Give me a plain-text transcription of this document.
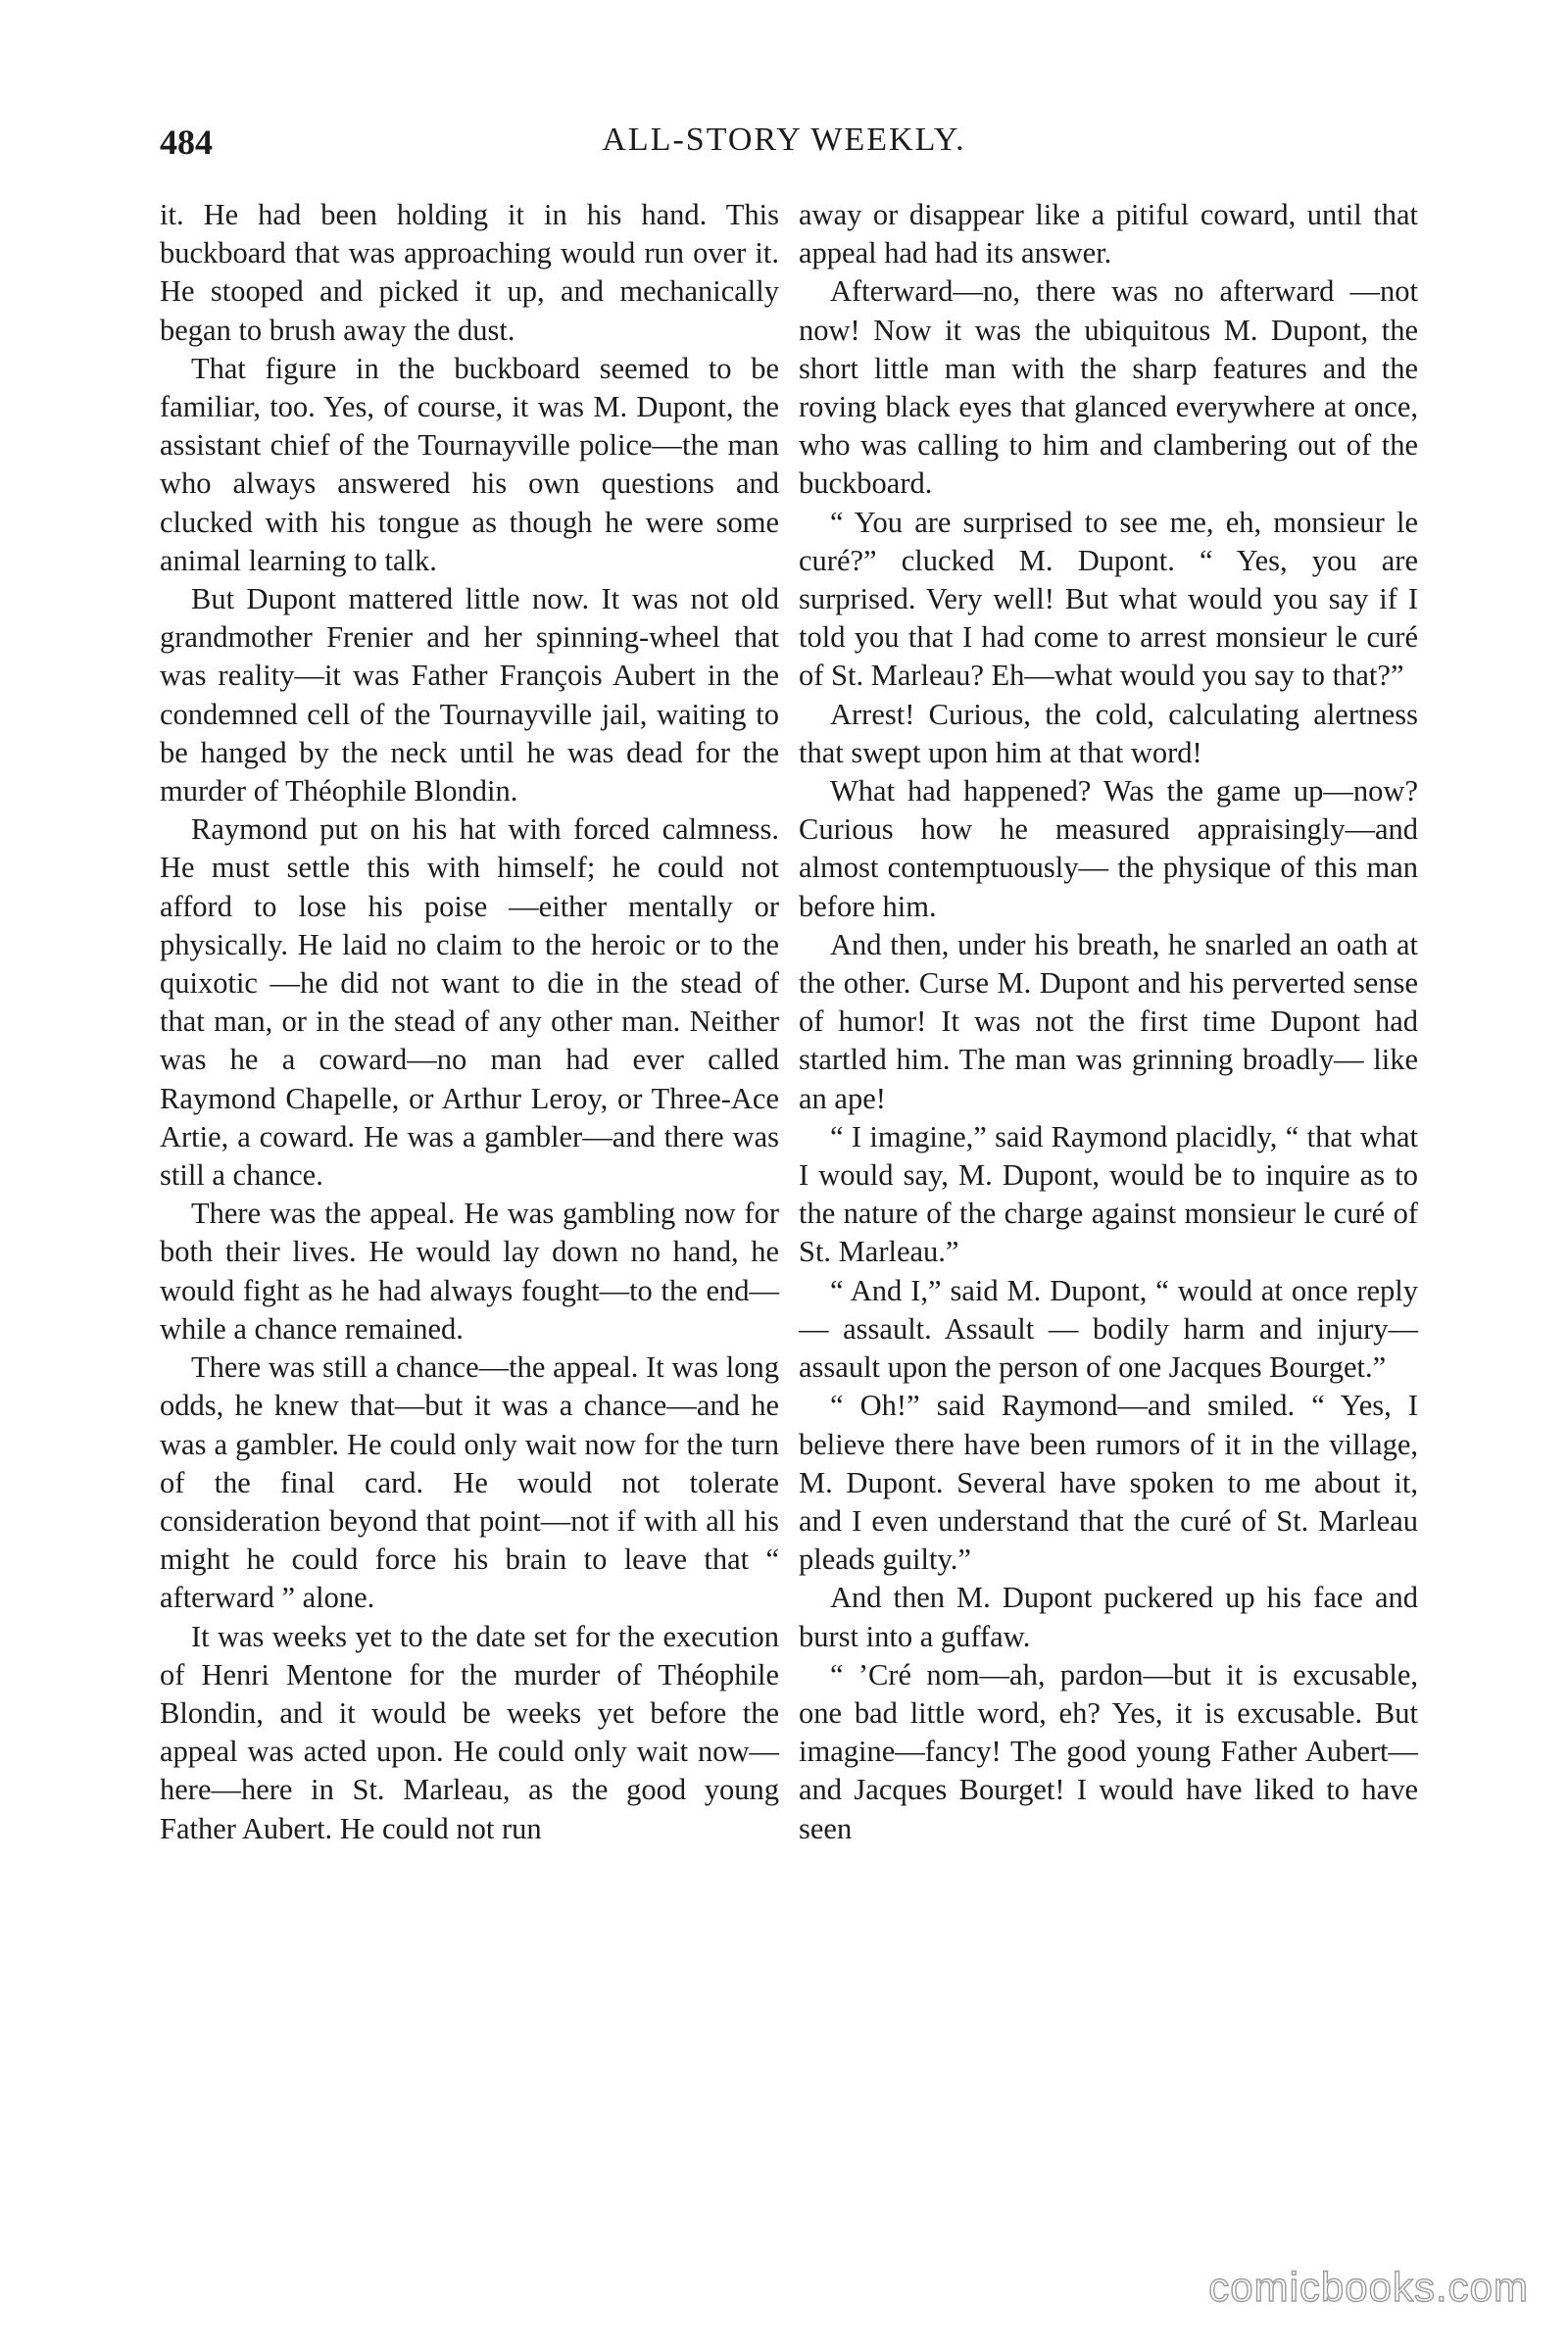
484	ALL-STORY WEEKLY.

it. He had been holding it in his hand. This buckboard that was approaching would run over it. He stooped and picked it up, and mechanically began to brush away the dust.

That figure in the buckboard seemed to be familiar, too. Yes, of course, it was M. Dupont, the assistant chief of the Tournayville police—the man who always answered his own questions and clucked with his tongue as though he were some animal learning to talk.

But Dupont mattered little now. It was not old grandmother Frenier and her spinning-wheel that was reality—it was Father François Aubert in the condemned cell of the Tournayville jail, waiting to be hanged by the neck until he was dead for the murder of Théophile Blondin.

Raymond put on his hat with forced calmness. He must settle this with himself; he could not afford to lose his poise —either mentally or physically. He laid no claim to the heroic or to the quixotic —he did not want to die in the stead of that man, or in the stead of any other man. Neither was he a coward—no man had ever called Raymond Chapelle, or Arthur Leroy, or Three-Ace Artie, a coward. He was a gambler—and there was still a chance.

There was the appeal. He was gambling now for both their lives. He would lay down no hand, he would fight as he had always fought—to the end—while a chance remained.

There was still a chance—the appeal. It was long odds, he knew that—but it was a chance—and he was a gambler. He could only wait now for the turn of the final card. He would not tolerate consideration beyond that point—not if with all his might he could force his brain to leave that “ afterward ” alone.

It was weeks yet to the date set for the execution of Henri Mentone for the murder of Théophile Blondin, and it would be weeks yet before the appeal was acted upon. He could only wait now—here—here in St. Marleau, as the good young Father Aubert. He could not run

away or disappear like a pitiful coward, until that appeal had had its answer.

Afterward—no, there was no afterward —not now! Now it was the ubiquitous M. Dupont, the short little man with the sharp features and the roving black eyes that glanced everywhere at once, who was calling to him and clambering out of the buckboard.

“ You are surprised to see me, eh, monsieur le curé?” clucked M. Dupont. “ Yes, you are surprised. Very well! But what would you say if I told you that I had come to arrest monsieur le curé of St. Marleau? Eh—what would you say to that?”

Arrest! Curious, the cold, calculating alertness that swept upon him at that word!

What had happened? Was the game up—now? Curious how he measured appraisingly—and almost contemptuously— the physique of this man before him.

And then, under his breath, he snarled an oath at the other. Curse M. Dupont and his perverted sense of humor! It was not the first time Dupont had startled him. The man was grinning broadly— like an ape!

“ I imagine,” said Raymond placidly, “ that what I would say, M. Dupont, would be to inquire as to the nature of the charge against monsieur le curé of St. Marleau.”

“ And I,” said M. Dupont, “ would at once reply — assault. Assault — bodily harm and injury—assault upon the person of one Jacques Bourget.”

“ Oh!” said Raymond—and smiled. “ Yes, I believe there have been rumors of it in the village, M. Dupont. Several have spoken to me about it, and I even understand that the curé of St. Marleau pleads guilty.”

And then M. Dupont puckered up his face and burst into a guffaw.

“ ’Cré nom—ah, pardon—but it is excusable, one bad little word, eh? Yes, it is excusable. But imagine—fancy! The good young Father Aubert—and Jacques Bourget! I would have liked to have seen

comicbooks.com
